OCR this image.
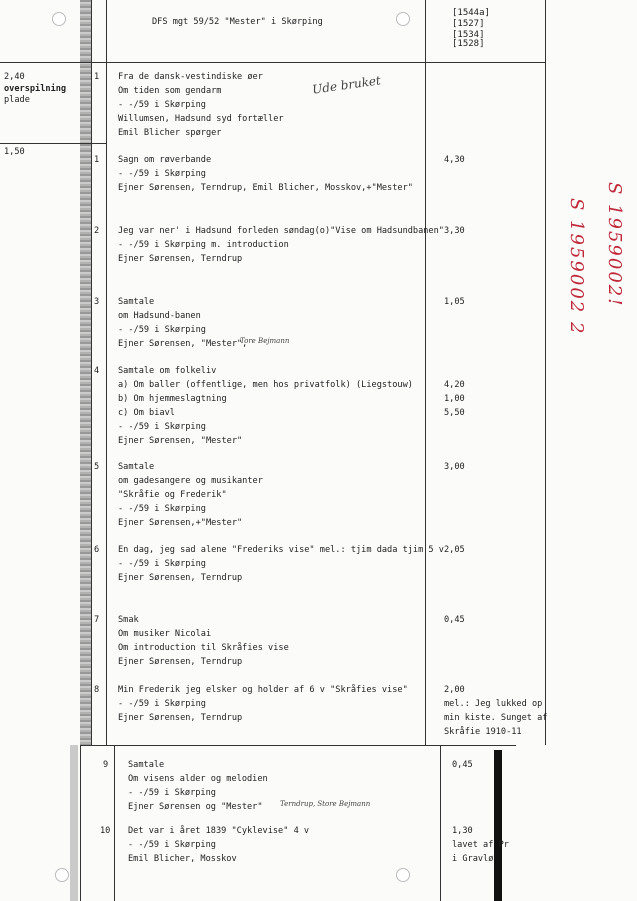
DFS mgt 59/52 "Mester" i Skørping
[1544a]
[1527]
[1534]
[1528]
2,40
overspilning
plade
1,50
Ude bruket
S 1959002!
S 1959002 2
Tore Bejmann
Terndrup, Store Bejmann
1 Fra de dansk-vestindiske øer
Om tiden som gendarm
- -/59 i Skørping
Willumsen, Hadsund syd fortæller
Emil Blicher spørger
1 Sagn om røverbande
- -/59 i Skørping
Ejner Sørensen, Terndrup, Emil Blicher, Mosskov,+"Mester"
4,30
2 Jeg var ner' i Hadsund forleden søndag(o)"Vise om Hadsundbanen"
- -/59 i Skørping m. introduction
Ejner Sørensen, Terndrup
3,30
3 Samtale
om Hadsund-banen
- -/59 i Skørping
Ejner Sørensen, "Mester",
1,05
4 Samtale om folkeliv
a) Om baller (offentlige, men hos privatfolk) (Liegstouw)
b) Om hjemmeslagtning
c) Om biavl
- -/59 i Skørping
Ejner Sørensen, "Mester"
4,20
1,00
5,50
5 Samtale
om gadesangere og musikanter
"Skråfie og Frederik"
- -/59 i Skørping
Ejner Sørensen,+"Mester"
3,00
6 En dag, jeg sad alene "Frederiks vise" mel.: tjim dada tjim 5 v
- -/59 i Skørping
Ejner Sørensen, Terndrup
2,05
7 Smak
Om musiker Nicolai
Om introduction til Skråfies vise
Ejner Sørensen, Terndrup
0,45
8 Min Frederik jeg elsker og holder af 6 v "Skråfies vise"
- -/59 i Skørping
Ejner Sørensen, Terndrup
2,00
mel.: Jeg lukked op
min kiste. Sunget af
Skråfie 1910-11
9 Samtale
Om visens alder og melodien
- -/59 i Skørping
Ejner Sørensen og "Mester"
0,45
10 Det var i året 1839 "Cyklevise" 4 v
- -/59 i Skørping
Emil Blicher, Mosskov
1,30
lavet af Pr
i Gravlø
